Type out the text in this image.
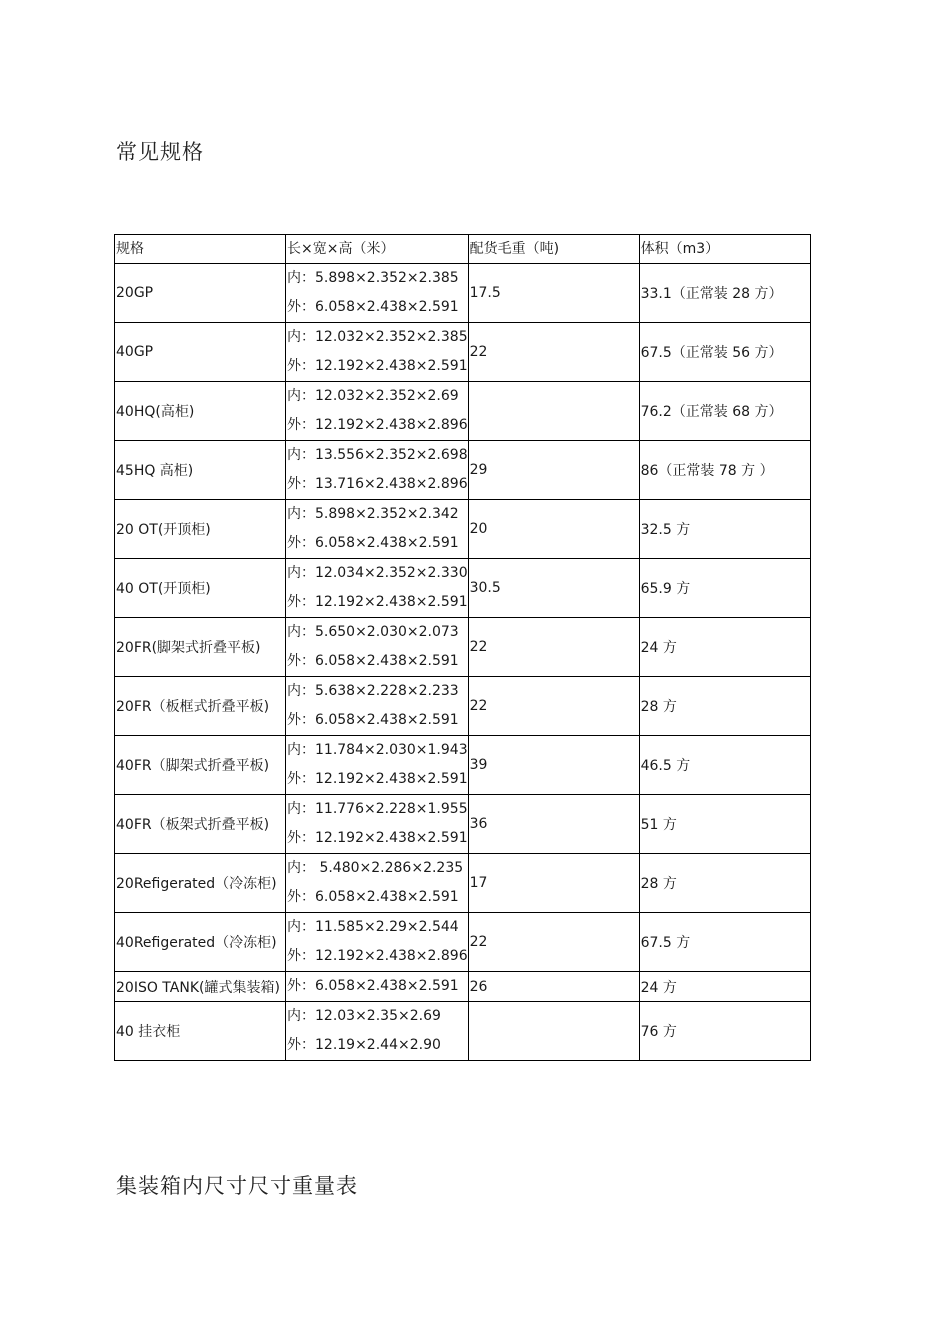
常见规格
规格	长×宽×高（米）	配货毛重（吨)	体积（m3）
20GP	内：5.898×2.352×2.385
外：6.058×2.438×2.591	17.5	33.1（正常装 28 方）
40GP	内：12.032×2.352×2.385
外：12.192×2.438×2.591	22	67.5（正常装 56 方）
40HQ(高柜)	内：12.032×2.352×2.69
外：12.192×2.438×2.896		76.2（正常装 68 方）
45HQ 高柜)	内：13.556×2.352×2.698
外：13.716×2.438×2.896	29	86（正常装 78 方 ）
20 OT(开顶柜)	内：5.898×2.352×2.342
外：6.058×2.438×2.591	20	32.5 方
40 OT(开顶柜)	内：12.034×2.352×2.330
外：12.192×2.438×2.591	30.5	65.9 方
20FR(脚架式折叠平板)	内：5.650×2.030×2.073
外：6.058×2.438×2.591	22	24 方
20FR（板框式折叠平板)	内：5.638×2.228×2.233
外：6.058×2.438×2.591	22	28 方
40FR（脚架式折叠平板)	内：11.784×2.030×1.943
外：12.192×2.438×2.591	39	46.5 方
40FR（板架式折叠平板)	内：11.776×2.228×1.955
外：12.192×2.438×2.591	36	51 方
20Refigerated（冷冻柜)	内： 5.480×2.286×2.235
外：6.058×2.438×2.591	17	28 方
40Refigerated（冷冻柜)	内：11.585×2.29×2.544
外：12.192×2.438×2.896	22	67.5 方
20ISO TANK(罐式集装箱)	外：6.058×2.438×2.591	26	24 方
40 挂衣柜	内：12.03×2.35×2.69
外：12.19×2.44×2.90		76 方
集装箱内尺寸尺寸重量表
